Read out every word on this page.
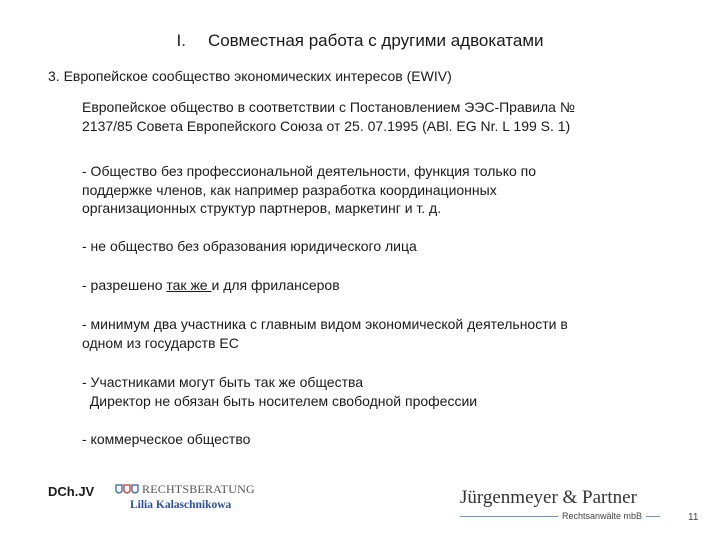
I. Совместная работа с другими адвокатами
3. Европейское сообщество экономических интересов (EWIV)
Европейское общество в соответствии с Постановлением ЭЭС-Правила №
2137/85 Совета Европейского Союза от 25. 07.1995 (ABl. EG Nr. L 199 S. 1)
- Общество без профессиональной деятельности, функция только по
поддержке членов, как например разработка координационных
организационных структур партнеров, маркетинг и т. д.
- не общество без образования юридического лица
- разрешено так же и для фрилансеров
- минимум два участника с главным видом экономической деятельности в
одном из государств ЕС
- Участниками могут быть так же общества
Директор не обязан быть носителем свободной профессии
- коммерческое общество
DCh.JV	RECHTSBERATUNG
Lilia Kalaschnikowa	Jürgenmeyer & Partner
Rechtsanwälte mbB	11
